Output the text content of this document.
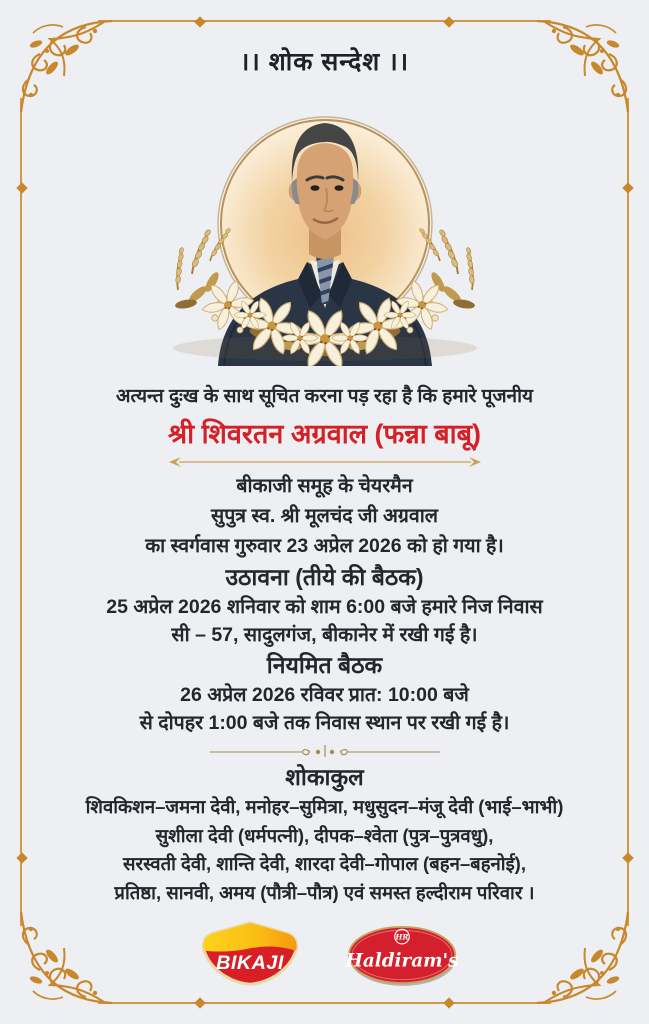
।। शोक सन्देश ।।
अत्यन्त दुःख के साथ सूचित करना पड़ रहा है कि हमारे पूजनीय
श्री शिवरतन अग्रवाल (फन्ना बाबू)
बीकाजी समूह के चेयरमैन
सुपुत्र स्व. श्री मूलचंद जी अग्रवाल
का स्वर्गवास गुरुवार 23 अप्रेल 2026 को हो गया है।
उठावना (तीये की बैठक)
25 अप्रेल 2026 शनिवार को शाम 6:00 बजे हमारे निज निवास
सी – 57, सादुलगंज, बीकानेर में रखी गई है।
नियमित बैठक
26 अप्रेल 2026 रविवर प्रात: 10:00 बजे
से दोपहर 1:00 बजे तक निवास स्थान पर रखी गई है।
शोकाकुल
शिवकिशन–जमना देवी, मनोहर–सुमित्रा, मधुसुदन–मंजू देवी (भाई–भाभी)
सुशीला देवी (धर्मपत्नी), दीपक–श्वेता (पुत्र–पुत्रवधु),
सरस्वती देवी, शान्ति देवी, शारदा देवी–गोपाल (बहन–बहनोई),
प्रतिष्ठा, सानवी, अमय (पौत्री–पौत्र) एवं समस्त हल्दीराम परिवार ।
BIKAJI
HR
Haldiram's
